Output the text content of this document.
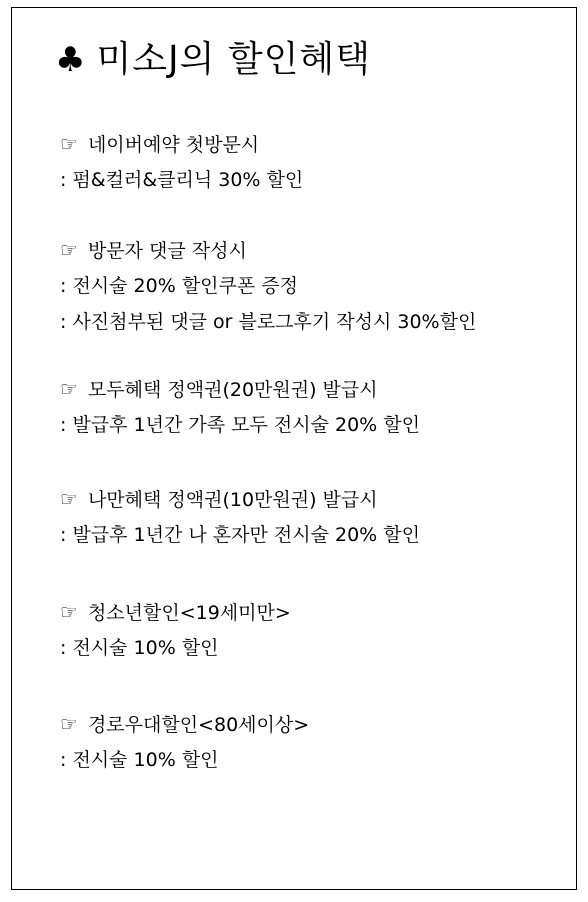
♣ 미소J의 할인혜택
☞ 네이버예약 첫방문시
: 펌&컬러&클리닉 30% 할인
☞ 방문자 댓글 작성시
: 전시술 20% 할인쿠폰 증정
: 사진첨부된 댓글 or 블로그후기 작성시 30%할인
☞ 모두혜택 정액권(20만원권) 발급시
: 발급후 1년간 가족 모두 전시술 20% 할인
☞ 나만혜택 정액권(10만원권) 발급시
: 발급후 1년간 나 혼자만 전시술 20% 할인
☞ 청소년할인<19세미만>
: 전시술 10% 할인
☞ 경로우대할인<80세이상>
: 전시술 10% 할인
